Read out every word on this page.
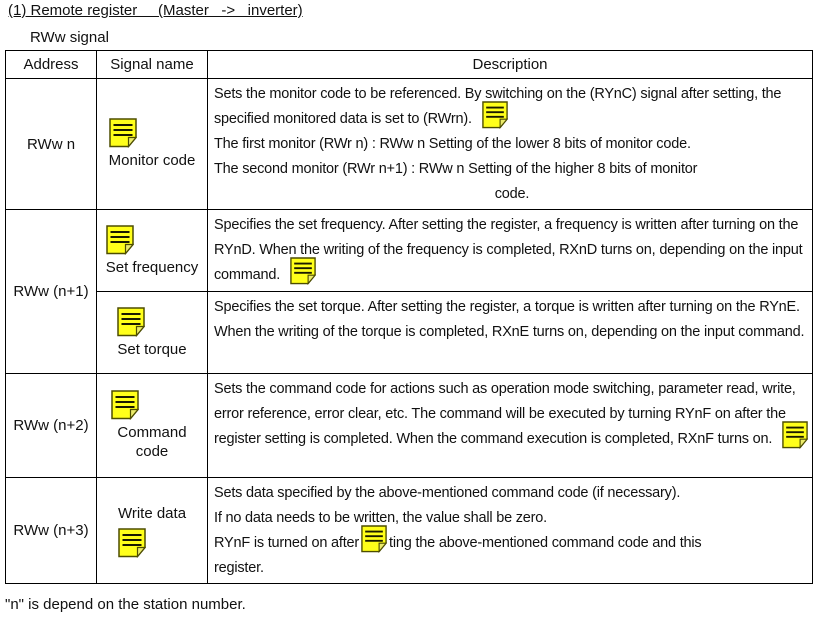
(1) Remote register     (Master   ->   inverter)
RWw signal
Address	Signal name	Description
RWw n	Monitor code	Sets the monitor code to be referenced. By switching on the (RYnC) signal after setting, the specified monitored data is set to (RWrn).
The first monitor (RWr n) : RWw n Setting of the lower 8 bits of monitor code.
The second monitor (RWr n+1) : RWw n Setting of the higher 8 bits of monitor
code.

RWw (n+1)	Set frequency	Specifies the set frequency. After setting the register, a frequency is written after turning on the RYnD. When the writing of the frequency is completed, RXnD turns on, depending on the input command.

	Set torque	Specifies the set torque. After setting the register, a torque is written after turning on the RYnE. When the writing of the torque is completed, RXnE turns on, depending on the input command.

RWw (n+2)	Command code	Sets the command code for actions such as operation mode switching, parameter read, write, error reference, error clear, etc. The command will be executed by turning RYnF on after the register setting is completed. When the command execution is completed, RXnF turns on.

RWw (n+3)	Write data	Sets data specified by the above-mentioned command code (if necessary).
If no data needs to be written, the value shall be zero.
RYnF is turned on after ting the above-mentioned command code and this
register.
"n" is depend on the station number.
